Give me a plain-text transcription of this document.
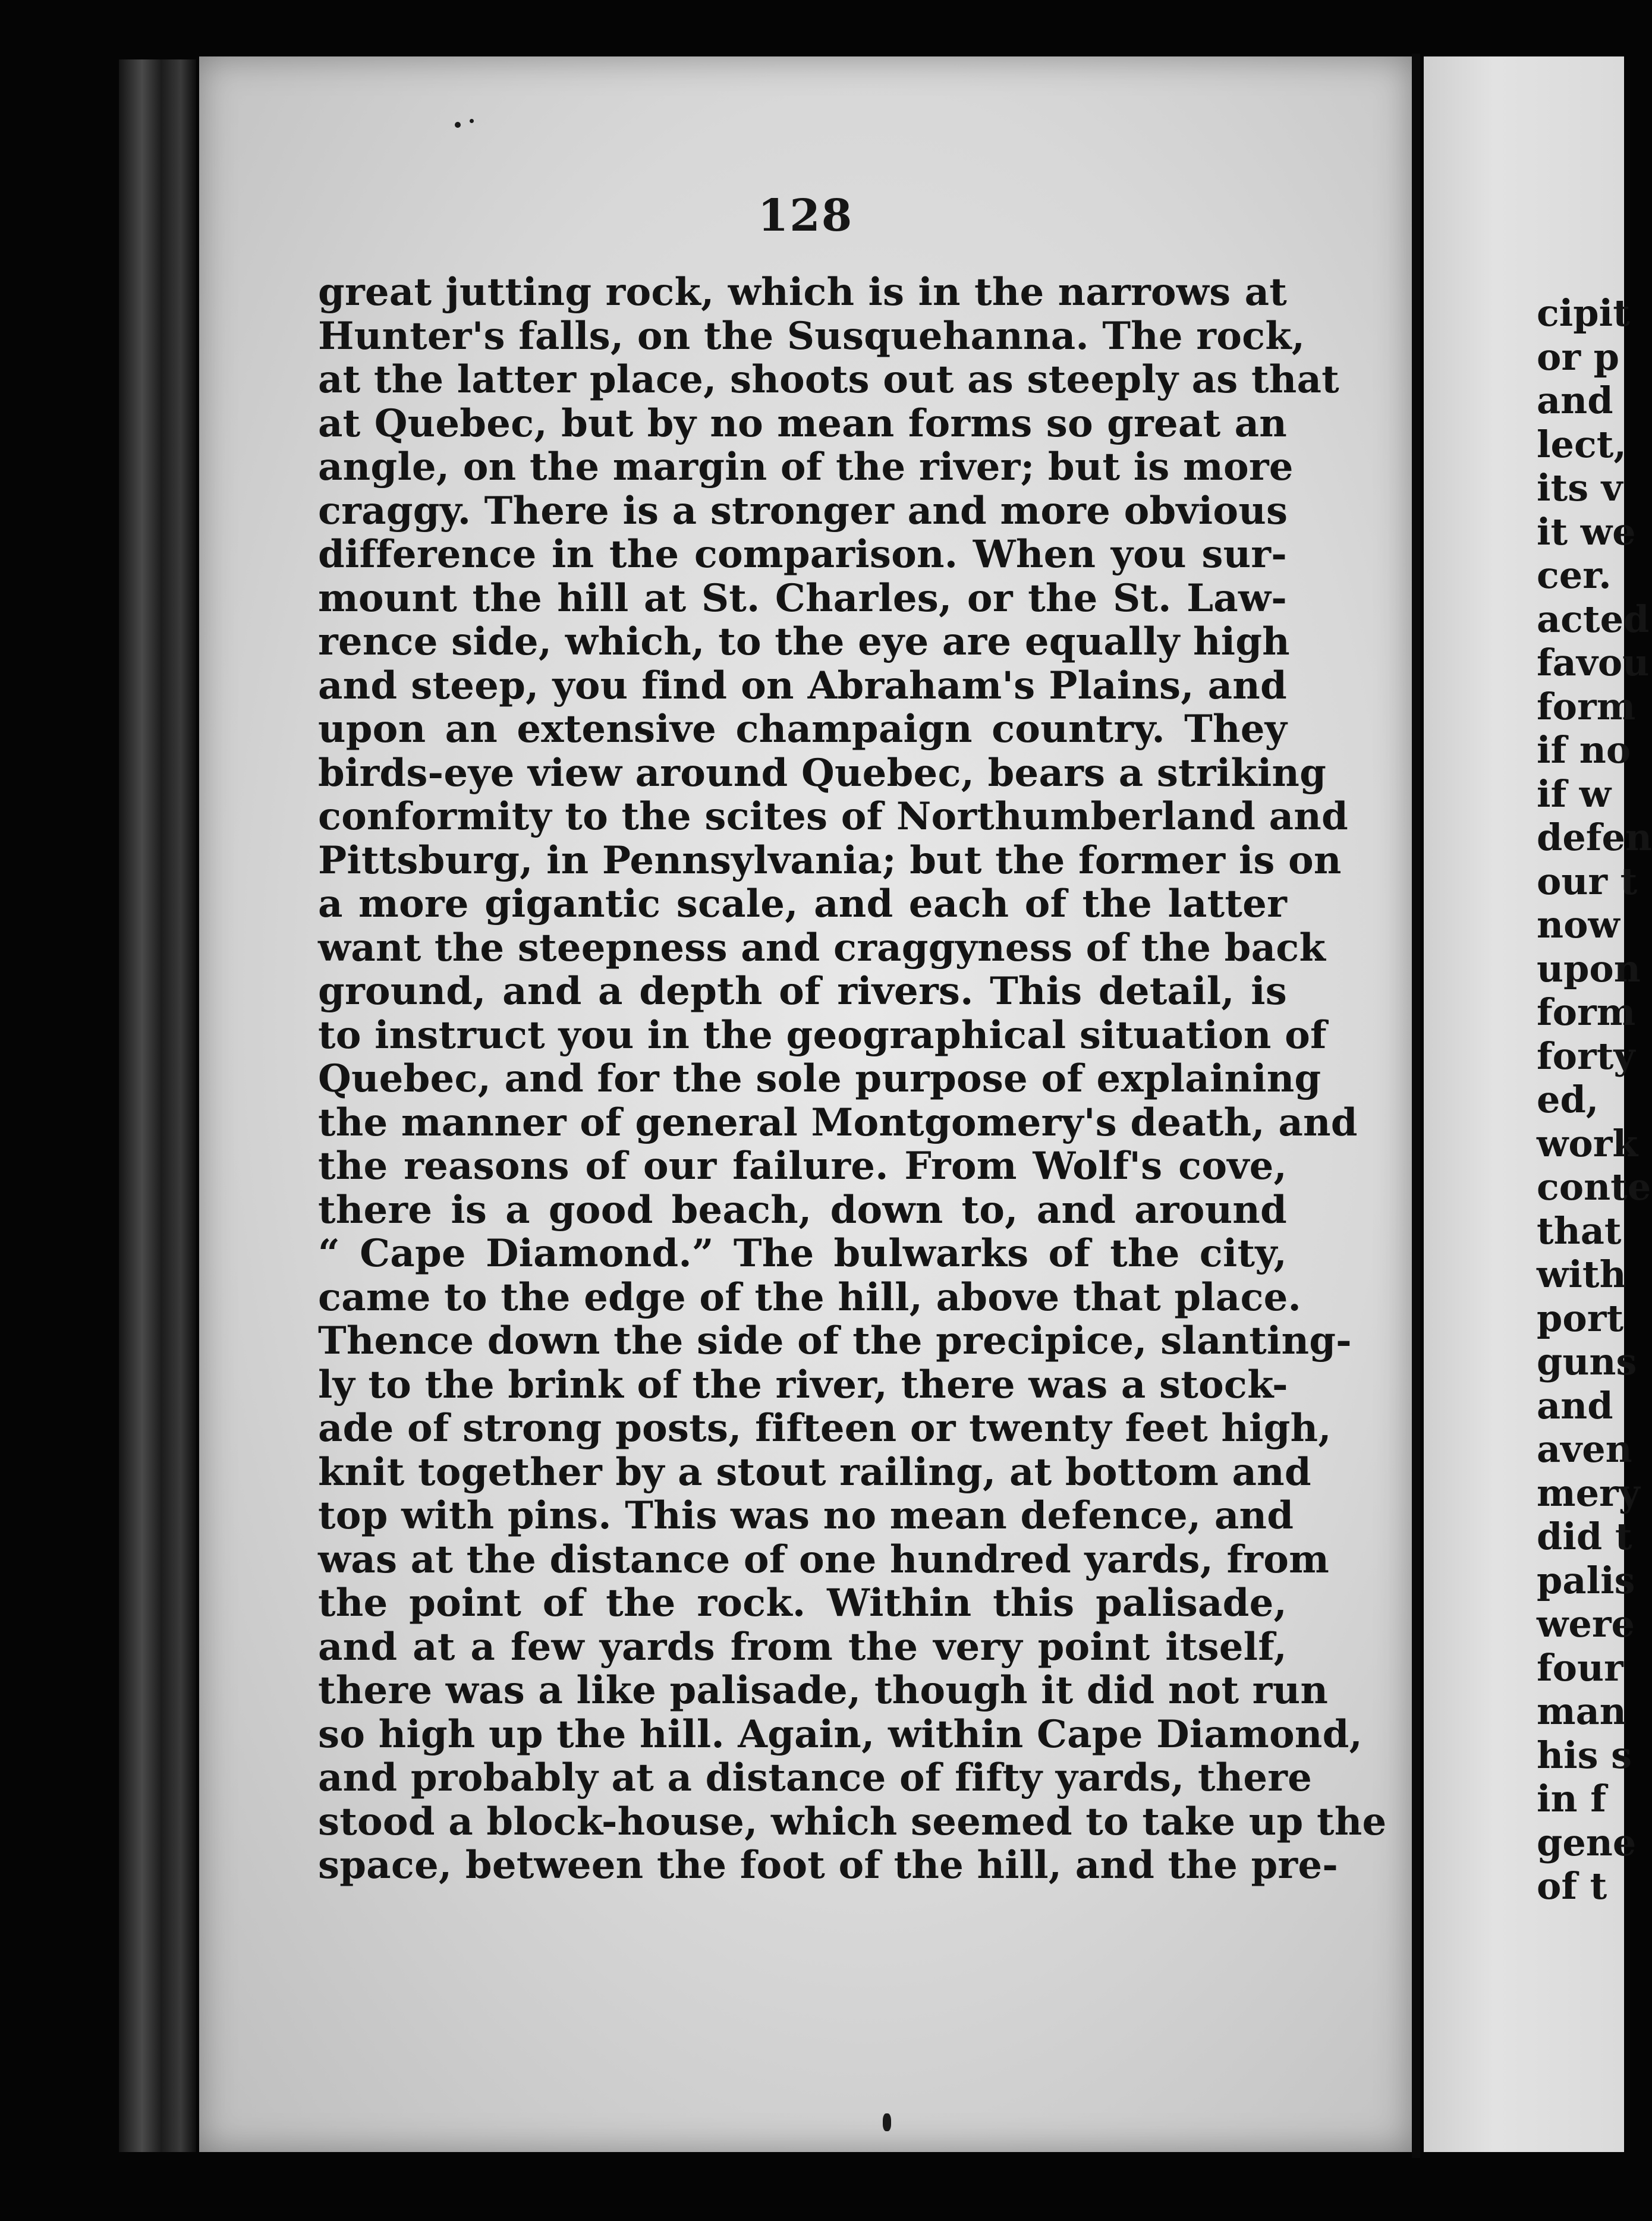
128
great jutting rock, which is in the narrows at
Hunter's falls, on the Susquehanna. The rock,
at the latter place, shoots out as steeply as that
at Quebec, but by no mean forms so great an
angle, on the margin of the river; but is more
craggy. There is a stronger and more obvious
difference in the comparison. When you sur-
mount the hill at St. Charles, or the St. Law-
rence side, which, to the eye are equally high
and steep, you find on Abraham's Plains, and
upon an extensive champaign country. They
birds-eye view around Quebec, bears a striking
conformity to the scites of Northumberland and
Pittsburg, in Pennsylvania; but the former is on
a more gigantic scale, and each of the latter
want the steepness and craggyness of the back
ground, and a depth of rivers. This detail, is
to instruct you in the geographical situation of
Quebec, and for the sole purpose of explaining
the manner of general Montgomery's death, and
the reasons of our failure. From Wolf's cove,
there is a good beach, down to, and around
“ Cape Diamond.” The bulwarks of the city,
came to the edge of the hill, above that place.
Thence down the side of the precipice, slanting-
ly to the brink of the river, there was a stock-
ade of strong posts, fifteen or twenty feet high,
knit together by a stout railing, at bottom and
top with pins. This was no mean defence, and
was at the distance of one hundred yards, from
the point of the rock. Within this palisade,
and at a few yards from the very point itself,
there was a like palisade, though it did not run
so high up the hill. Again, within Cape Diamond,
and probably at a distance of fifty yards, there
stood a block-house, which seemed to take up the
space, between the foot of the hill, and the pre-
cipit
or p
and
lect,
its v
it we
cer.
acted
favou
form
if no
if w
defen
our t
now
upon
form
forty
ed,
work
conte
that
with
port
guns
and
aven
mery
did t
palis
were
four
man
his s
in f
gene
of t
